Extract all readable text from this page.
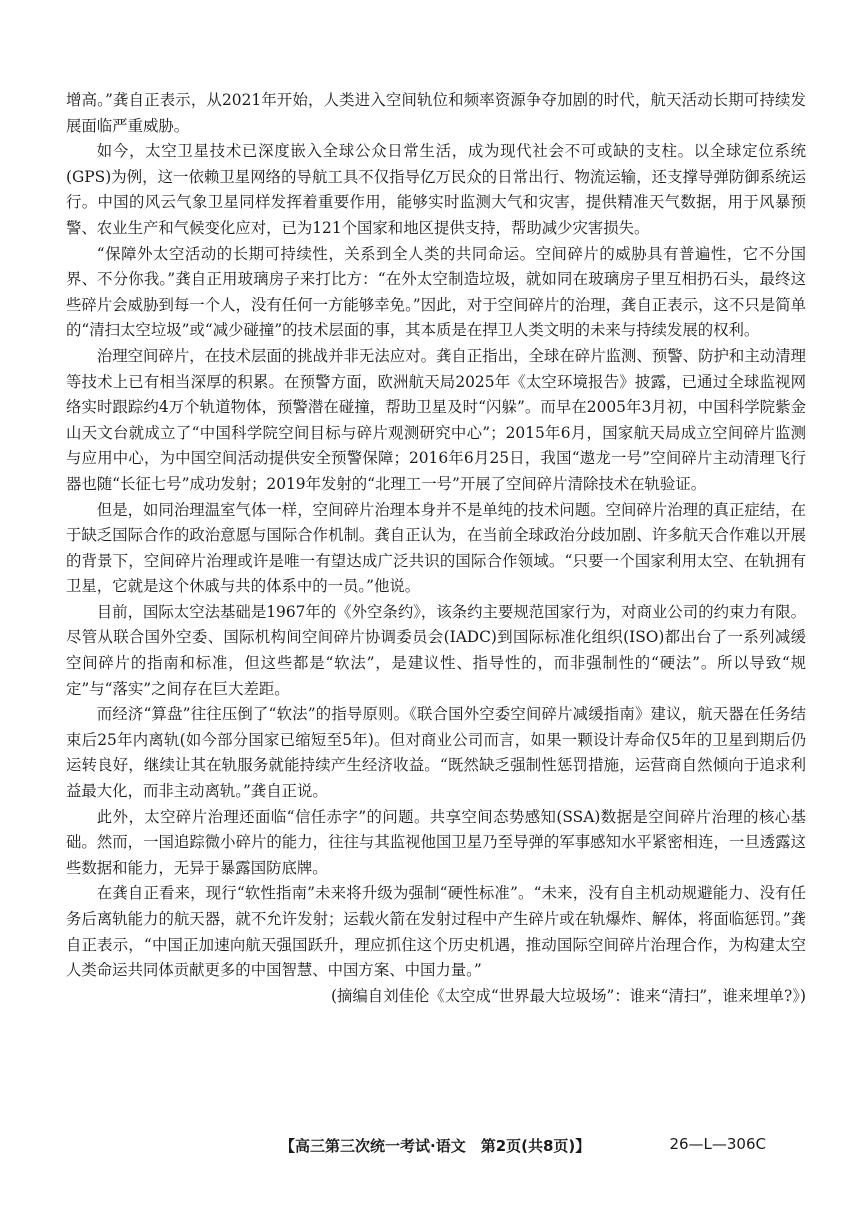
增高。”龚自正表示，从2021年开始，人类进入空间轨位和频率资源争夺加剧的时代，航天活动长期可持续发展面临严重威胁。

如今，太空卫星技术已深度嵌入全球公众日常生活，成为现代社会不可或缺的支柱。以全球定位系统(GPS)为例，这一依赖卫星网络的导航工具不仅指导亿万民众的日常出行、物流运输，还支撑导弹防御系统运行。中国的风云气象卫星同样发挥着重要作用，能够实时监测大气和灾害，提供精准天气数据，用于风暴预警、农业生产和气候变化应对，已为121个国家和地区提供支持，帮助减少灾害损失。

“保障外太空活动的长期可持续性，关系到全人类的共同命运。空间碎片的威胁具有普遍性，它不分国界、不分你我。”龚自正用玻璃房子来打比方：“在外太空制造垃圾，就如同在玻璃房子里互相扔石头，最终这些碎片会威胁到每一个人，没有任何一方能够幸免。”因此，对于空间碎片的治理，龚自正表示，这不只是简单的“清扫太空垃圾”或“减少碰撞”的技术层面的事，其本质是在捍卫人类文明的未来与持续发展的权利。

治理空间碎片，在技术层面的挑战并非无法应对。龚自正指出，全球在碎片监测、预警、防护和主动清理等技术上已有相当深厚的积累。在预警方面，欧洲航天局2025年《太空环境报告》披露，已通过全球监视网络实时跟踪约4万个轨道物体，预警潜在碰撞，帮助卫星及时“闪躲”。而早在2005年3月初，中国科学院紫金山天文台就成立了“中国科学院空间目标与碎片观测研究中心”；2015年6月，国家航天局成立空间碎片监测与应用中心，为中国空间活动提供安全预警保障；2016年6月25日，我国“遨龙一号”空间碎片主动清理飞行器也随“长征七号”成功发射；2019年发射的“北理工一号”开展了空间碎片清除技术在轨验证。

但是，如同治理温室气体一样，空间碎片治理本身并不是单纯的技术问题。空间碎片治理的真正症结，在于缺乏国际合作的政治意愿与国际合作机制。龚自正认为，在当前全球政治分歧加剧、许多航天合作难以开展的背景下，空间碎片治理或许是唯一有望达成广泛共识的国际合作领域。“只要一个国家利用太空、在轨拥有卫星，它就是这个休戚与共的体系中的一员。”他说。

目前，国际太空法基础是1967年的《外空条约》，该条约主要规范国家行为，对商业公司的约束力有限。尽管从联合国外空委、国际机构间空间碎片协调委员会(IADC)到国际标准化组织(ISO)都出台了一系列减缓空间碎片的指南和标准，但这些都是“软法”，是建议性、指导性的，而非强制性的“硬法”。所以导致“规定”与“落实”之间存在巨大差距。

而经济“算盘”往往压倒了“软法”的指导原则。《联合国外空委空间碎片减缓指南》建议，航天器在任务结束后25年内离轨(如今部分国家已缩短至5年)。但对商业公司而言，如果一颗设计寿命仅5年的卫星到期后仍运转良好，继续让其在轨服务就能持续产生经济收益。“既然缺乏强制性惩罚措施，运营商自然倾向于追求利益最大化，而非主动离轨。”龚自正说。

此外，太空碎片治理还面临“信任赤字”的问题。共享空间态势感知(SSA)数据是空间碎片治理的核心基础。然而，一国追踪微小碎片的能力，往往与其监视他国卫星乃至导弹的军事感知水平紧密相连，一旦透露这些数据和能力，无异于暴露国防底牌。

在龚自正看来，现行“软性指南”未来将升级为强制“硬性标准”。“未来，没有自主机动规避能力、没有任务后离轨能力的航天器，就不允许发射；运载火箭在发射过程中产生碎片或在轨爆炸、解体，将面临惩罚。”龚自正表示，“中国正加速向航天强国跃升，理应抓住这个历史机遇，推动国际空间碎片治理合作，为构建太空人类命运共同体贡献更多的中国智慧、中国方案、中国力量。”

(摘编自刘佳伦《太空成“世界最大垃圾场”：谁来“清扫”，谁来埋单?》)

【高三第三次统一考试·语文　第2页(共8页)】	26—L—306C
